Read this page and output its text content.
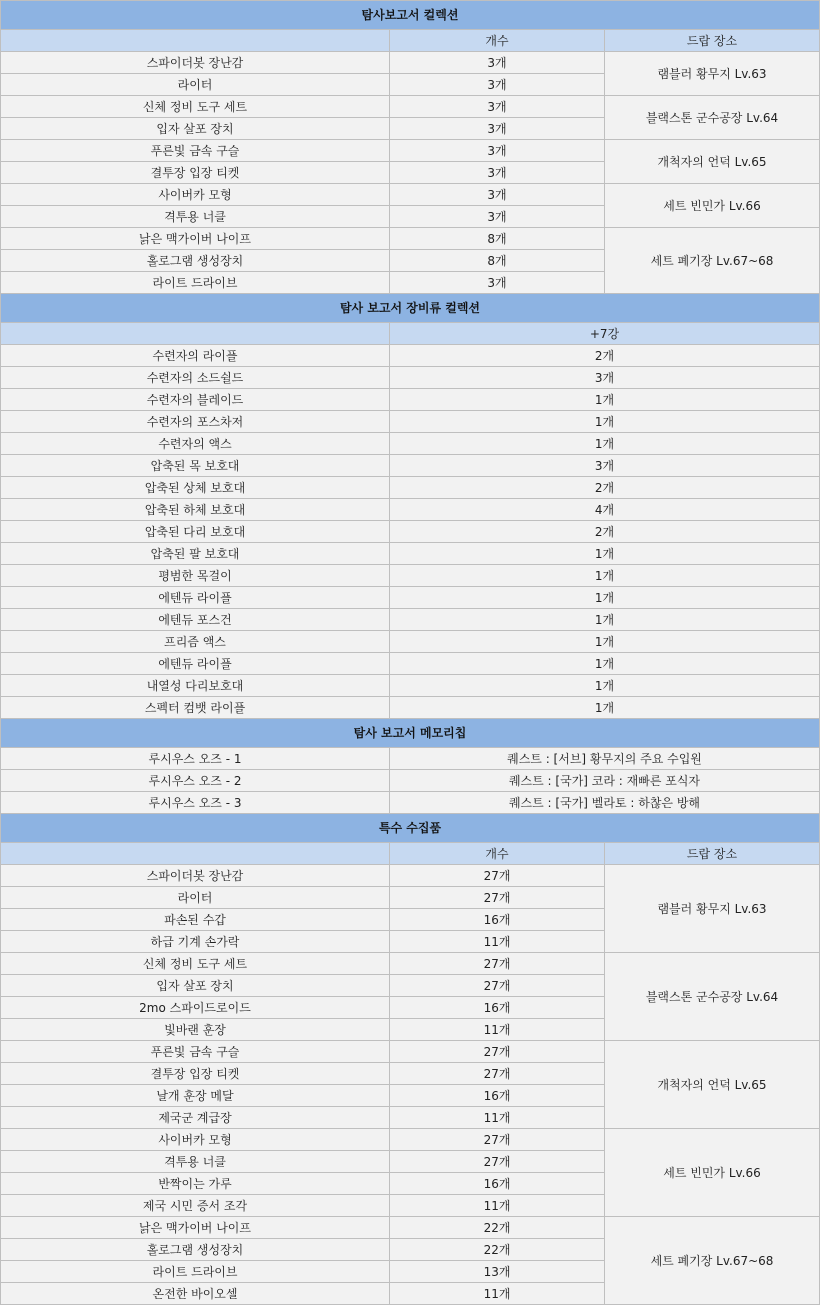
탐사보고서 컬렉션		
	개수	드랍 장소
스파이더봇 장난감	3개	램블러 황무지 Lv.63
라이터	3개	
신체 정비 도구 세트	3개	블랙스톤 군수공장 Lv.64
입자 살포 장치	3개	
푸른빛 금속 구슬	3개	개척자의 언덕 Lv.65
결투장 입장 티켓	3개	
사이버카 모형	3개	세트 빈민가 Lv.66
격투용 너클	3개	
낡은 맥가이버 나이프	8개	세트 폐기장 Lv.67~68
홀로그램 생성장치	8개	
라이트 드라이브	3개	
탐사 보고서 장비류 컬렉션		
	+7강	
수련자의 라이플	2개	
수련자의 소드쉴드	3개	
수련자의 블레이드	1개	
수련자의 포스차저	1개	
수련자의 액스	1개	
압축된 목 보호대	3개	
압축된 상체 보호대	2개	
압축된 하체 보호대	4개	
압축된 다리 보호대	2개	
압축된 팔 보호대	1개	
평범한 목걸이	1개	
에텐듀 라이플	1개	
에텐듀 포스건	1개	
프리즘 액스	1개	
에텐듀 라이플	1개	
내열성 다리보호대	1개	
스펙터 컴뱃 라이플	1개	
탐사 보고서 메모리칩		
루시우스 오즈 - 1	퀘스트 : [서브] 황무지의 주요 수입원	
루시우스 오즈 - 2	퀘스트 : [국가] 코라 : 재빠른 포식자	
루시우스 오즈 - 3	퀘스트 : [국가] 벨라토 : 하찮은 방해	
특수 수집품		
	개수	드랍 장소
스파이더봇 장난감	27개	램블러 황무지 Lv.63
라이터	27개	
파손된 수갑	16개	
하급 기계 손가락	11개	
신체 정비 도구 세트	27개	블랙스톤 군수공장 Lv.64
입자 살포 장치	27개	
2mo 스파이드로이드	16개	
빛바랜 훈장	11개	
푸른빛 금속 구슬	27개	개척자의 언덕 Lv.65
결투장 입장 티켓	27개	
날개 훈장 메달	16개	
제국군 계급장	11개	
사이버카 모형	27개	세트 빈민가 Lv.66
격투용 너클	27개	
반짝이는 가루	16개	
제국 시민 증서 조각	11개	
낡은 맥가이버 나이프	22개	세트 폐기장 Lv.67~68
홀로그램 생성장치	22개	
라이트 드라이브	13개	
온전한 바이오셀	11개	
